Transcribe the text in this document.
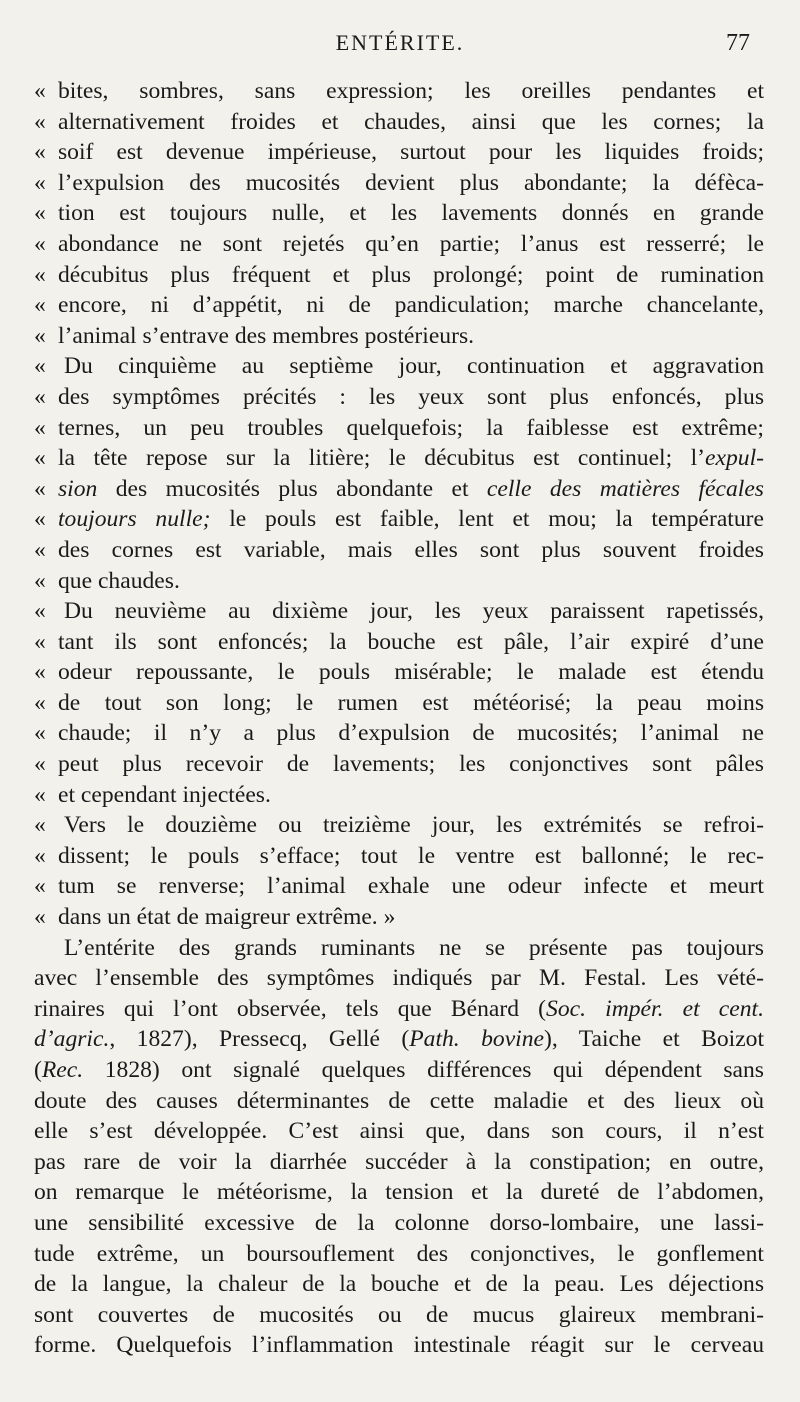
ENTÉRITE.	77
« bites, sombres, sans expression; les oreilles pendantes et
« alternativement froides et chaudes, ainsi que les cornes; la
« soif est devenue impérieuse, surtout pour les liquides froids;
« l’expulsion des mucosités devient plus abondante; la défèca-
« tion est toujours nulle, et les lavements donnés en grande
« abondance ne sont rejetés qu’en partie; l’anus est resserré; le
« décubitus plus fréquent et plus prolongé; point de rumination
« encore, ni d’appétit, ni de pandiculation; marche chancelante,
« l’animal s’entrave des membres postérieurs.
« Du cinquième au septième jour, continuation et aggravation
« des symptômes précités : les yeux sont plus enfoncés, plus
« ternes, un peu troubles quelquefois; la faiblesse est extrême;
« la tête repose sur la litière; le décubitus est continuel; l’expul-
« sion des mucosités plus abondante et celle des matières fécales
« toujours nulle; le pouls est faible, lent et mou; la température
« des cornes est variable, mais elles sont plus souvent froides
« que chaudes.
« Du neuvième au dixième jour, les yeux paraissent rapetissés,
« tant ils sont enfoncés; la bouche est pâle, l’air expiré d’une
« odeur repoussante, le pouls misérable; le malade est étendu
« de tout son long; le rumen est météorisé; la peau moins
« chaude; il n’y a plus d’expulsion de mucosités; l’animal ne
« peut plus recevoir de lavements; les conjonctives sont pâles
« et cependant injectées.
« Vers le douzième ou treizième jour, les extrémités se refroi-
« dissent; le pouls s’efface; tout le ventre est ballonné; le rec-
« tum se renverse; l’animal exhale une odeur infecte et meurt
« dans un état de maigreur extrême. »
L’entérite des grands ruminants ne se présente pas toujours
avec l’ensemble des symptômes indiqués par M. Festal. Les vété-
rinaires qui l’ont observée, tels que Bénard (Soc. impér. et cent.
d’agric., 1827), Pressecq, Gellé (Path. bovine), Taiche et Boizot
(Rec. 1828) ont signalé quelques différences qui dépendent sans
doute des causes déterminantes de cette maladie et des lieux où
elle s’est développée. C’est ainsi que, dans son cours, il n’est
pas rare de voir la diarrhée succéder à la constipation; en outre,
on remarque le météorisme, la tension et la dureté de l’abdomen,
une sensibilité excessive de la colonne dorso-lombaire, une lassi-
tude extrême, un boursouflement des conjonctives, le gonflement
de la langue, la chaleur de la bouche et de la peau. Les déjections
sont couvertes de mucosités ou de mucus glaireux membrani-
forme. Quelquefois l’inflammation intestinale réagit sur le cerveau
